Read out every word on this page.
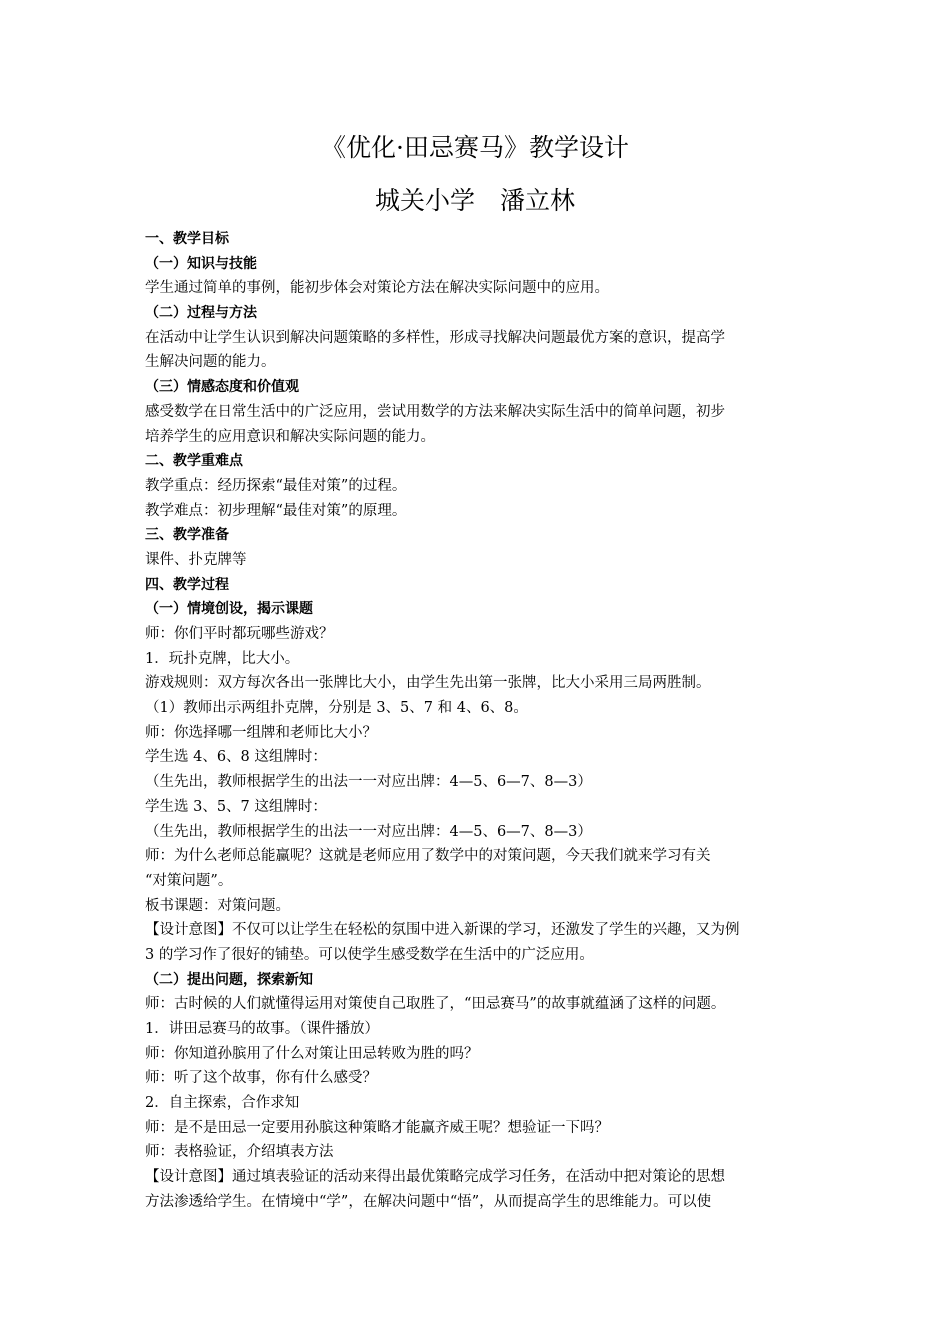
《优化·田忌赛马》教学设计
城关小学　潘立林
一、教学目标
（一）知识与技能
学生通过简单的事例，能初步体会对策论方法在解决实际问题中的应用。
（二）过程与方法
在活动中让学生认识到解决问题策略的多样性，形成寻找解决问题最优方案的意识，提高学
生解决问题的能力。
（三）情感态度和价值观
感受数学在日常生活中的广泛应用，尝试用数学的方法来解决实际生活中的简单问题，初步
培养学生的应用意识和解决实际问题的能力。
二、教学重难点
教学重点：经历探索“最佳对策”的过程。
教学难点：初步理解“最佳对策”的原理。
三、教学准备
课件、扑克牌等
四、教学过程
（一）情境创设，揭示课题
师：你们平时都玩哪些游戏？
1．玩扑克牌，比大小。
游戏规则：双方每次各出一张牌比大小，由学生先出第一张牌，比大小采用三局两胜制。
（1）教师出示两组扑克牌，分别是 3、5、7 和 4、6、8。
师：你选择哪一组牌和老师比大小？
学生选 4、6、8 这组牌时：
（生先出，教师根据学生的出法一一对应出牌：4—5、6—7、8—3）
学生选 3、5、7 这组牌时：
（生先出，教师根据学生的出法一一对应出牌：4—5、6—7、8—3）
师：为什么老师总能赢呢？这就是老师应用了数学中的对策问题，今天我们就来学习有关
“对策问题”。
板书课题：对策问题。
【设计意图】不仅可以让学生在轻松的氛围中进入新课的学习，还激发了学生的兴趣，又为例
3 的学习作了很好的铺垫。可以使学生感受数学在生活中的广泛应用。
（二）提出问题，探索新知
师：古时候的人们就懂得运用对策使自己取胜了，“田忌赛马”的故事就蕴涵了这样的问题。
1．讲田忌赛马的故事。（课件播放）
师：你知道孙膑用了什么对策让田忌转败为胜的吗？
师：听了这个故事，你有什么感受？
2．自主探索，合作求知
师：是不是田忌一定要用孙膑这种策略才能赢齐威王呢？想验证一下吗？
师：表格验证，介绍填表方法
【设计意图】通过填表验证的活动来得出最优策略完成学习任务，在活动中把对策论的思想
方法渗透给学生。在情境中“学”，在解决问题中“悟”，从而提高学生的思维能力。可以使
